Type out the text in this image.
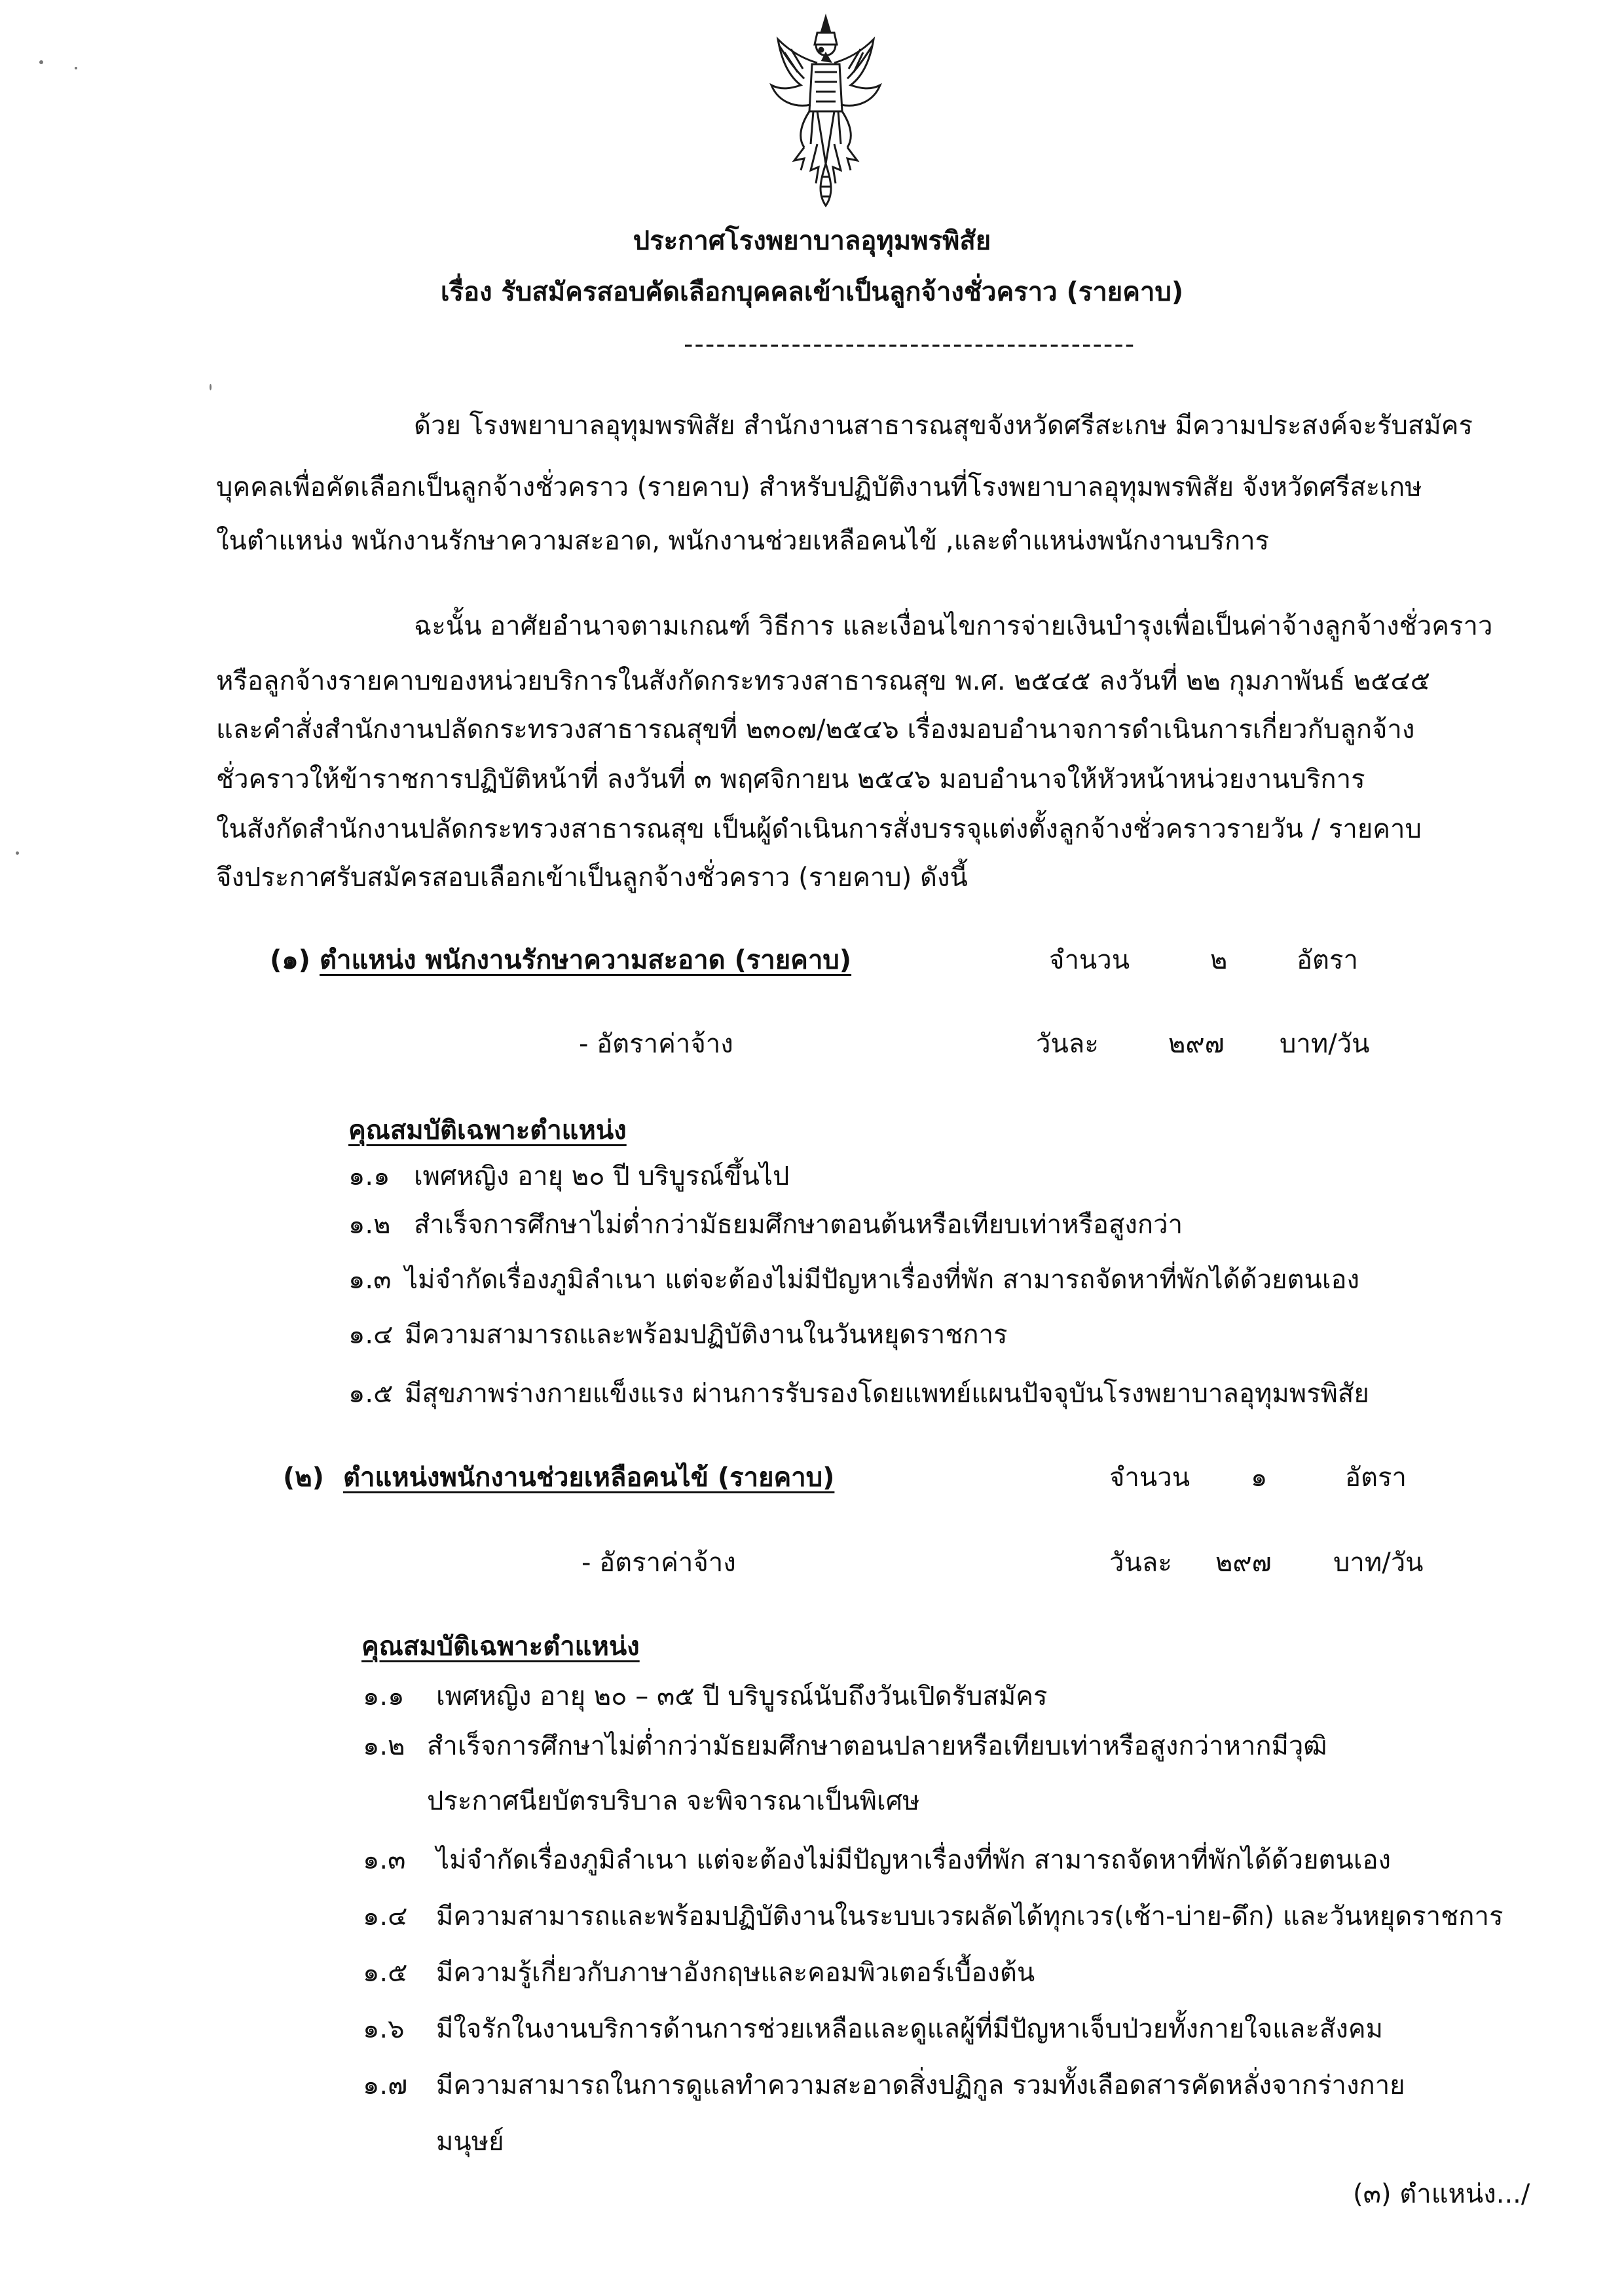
ประกาศโรงพยาบาลอุทุมพรพิสัย
เรื่อง รับสมัครสอบคัดเลือกบุคคลเข้าเป็นลูกจ้างชั่วคราว (รายคาบ)
------------------------------------------
ด้วย โรงพยาบาลอุทุมพรพิสัย สำนักงานสาธารณสุขจังหวัดศรีสะเกษ มีความประสงค์จะรับสมัคร
บุคคลเพื่อคัดเลือกเป็นลูกจ้างชั่วคราว (รายคาบ) สำหรับปฏิบัติงานที่โรงพยาบาลอุทุมพรพิสัย จังหวัดศรีสะเกษ
ในตำแหน่ง พนักงานรักษาความสะอาด, พนักงานช่วยเหลือคนไข้ ,และตำแหน่งพนักงานบริการ
ฉะนั้น อาศัยอำนาจตามเกณฑ์ วิธีการ และเงื่อนไขการจ่ายเงินบำรุงเพื่อเป็นค่าจ้างลูกจ้างชั่วคราว
หรือลูกจ้างรายคาบของหน่วยบริการในสังกัดกระทรวงสาธารณสุข พ.ศ. ๒๕๔๕ ลงวันที่ ๒๒ กุมภาพันธ์ ๒๕๔๕
และคำสั่งสำนักงานปลัดกระทรวงสาธารณสุขที่ ๒๓๐๗/๒๕๔๖ เรื่องมอบอำนาจการดำเนินการเกี่ยวกับลูกจ้าง
ชั่วคราวให้ข้าราชการปฏิบัติหน้าที่ ลงวันที่ ๓ พฤศจิกายน ๒๕๔๖ มอบอำนาจให้หัวหน้าหน่วยงานบริการ
ในสังกัดสำนักงานปลัดกระทรวงสาธารณสุข เป็นผู้ดำเนินการสั่งบรรจุแต่งตั้งลูกจ้างชั่วคราวรายวัน / รายคาบ
จึงประกาศรับสมัครสอบเลือกเข้าเป็นลูกจ้างชั่วคราว (รายคาบ) ดังนี้
(๑) ตำแหน่ง พนักงานรักษาความสะอาด (รายคาบ)	จำนวน	๒	อัตรา
- อัตราค่าจ้าง	วันละ	๒๙๗ บาท/วัน
คุณสมบัติเฉพาะตำแหน่ง
๑.๑ เพศหญิง อายุ ๒๐ ปี บริบูรณ์ขึ้นไป
๑.๒ สำเร็จการศึกษาไม่ต่ำกว่ามัธยมศึกษาตอนต้นหรือเทียบเท่าหรือสูงกว่า
๑.๓ ไม่จำกัดเรื่องภูมิลำเนา แต่จะต้องไม่มีปัญหาเรื่องที่พัก สามารถจัดหาที่พักได้ด้วยตนเอง
๑.๔ มีความสามารถและพร้อมปฏิบัติงานในวันหยุดราชการ
๑.๕ มีสุขภาพร่างกายแข็งแรง ผ่านการรับรองโดยแพทย์แผนปัจจุบันโรงพยาบาลอุทุมพรพิสัย
(๒) ตำแหน่งพนักงานช่วยเหลือคนไข้ (รายคาบ)	จำนวน ๑	อัตรา
- อัตราค่าจ้าง	วันละ ๒๙๗ บาท/วัน
คุณสมบัติเฉพาะตำแหน่ง
๑.๑ เพศหญิง อายุ ๒๐ – ๓๕ ปี บริบูรณ์นับถึงวันเปิดรับสมัคร
๑.๒ สำเร็จการศึกษาไม่ต่ำกว่ามัธยมศึกษาตอนปลายหรือเทียบเท่าหรือสูงกว่าหากมีวุฒิ
ประกาศนียบัตรบริบาล จะพิจารณาเป็นพิเศษ
๑.๓ ไม่จำกัดเรื่องภูมิลำเนา แต่จะต้องไม่มีปัญหาเรื่องที่พัก สามารถจัดหาที่พักได้ด้วยตนเอง
๑.๔ มีความสามารถและพร้อมปฏิบัติงานในระบบเวรผลัดได้ทุกเวร(เช้า-บ่าย-ดึก) และวันหยุดราชการ
๑.๕ มีความรู้เกี่ยวกับภาษาอังกฤษและคอมพิวเตอร์เบื้องต้น
๑.๖ มีใจรักในงานบริการด้านการช่วยเหลือและดูแลผู้ที่มีปัญหาเจ็บป่วยทั้งกายใจและสังคม
๑.๗ มีความสามารถในการดูแลทำความสะอาดสิ่งปฏิกูล รวมทั้งเลือดสารคัดหลั่งจากร่างกาย
มนุษย์
(๓) ตำแหน่ง.../
